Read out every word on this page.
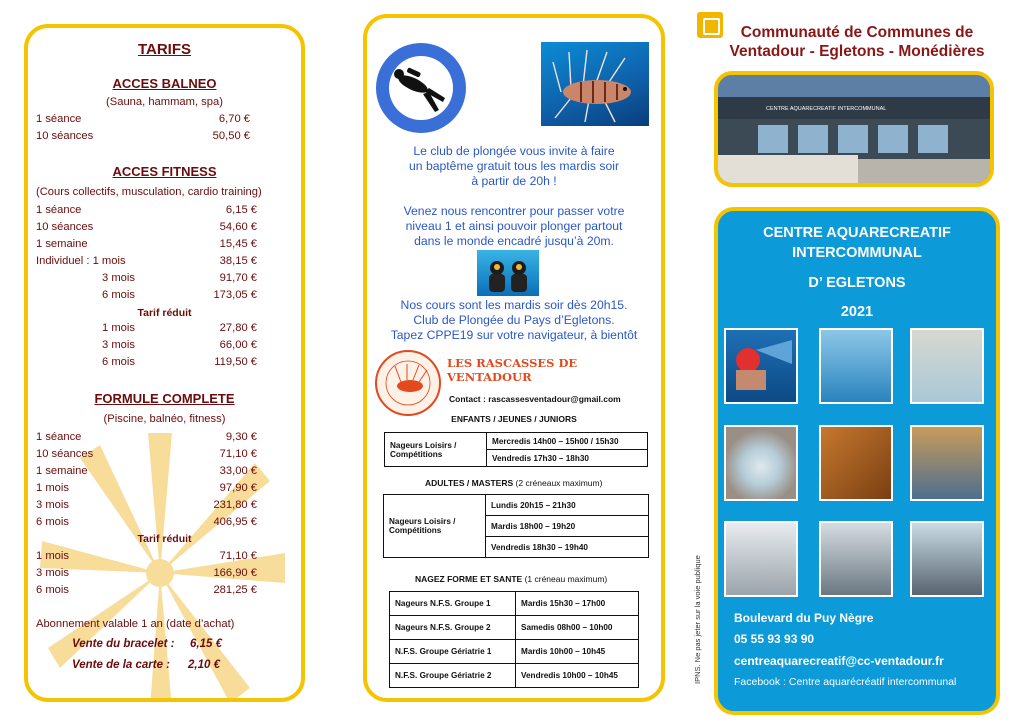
TARIFS
ACCES BALNEO
(Sauna, hammam, spa)
1 séance	6,70 €
10 séances	50,50 €
ACCES FITNESS
(Cours collectifs, musculation, cardio training)
1 séance	6,15 €
10 séances	54,60 €
1 semaine	15,45 €
Individuel : 1 mois	38,15 €
3 mois	91,70 €
6 mois	173,05 €
Tarif réduit
1 mois	27,80 €
3 mois	66,00 €
6 mois	119,50 €
FORMULE COMPLETE
(Piscine, balnéo, fitness)
1 séance	9,30 €
10 séances	71,10 €
1 semaine	33,00 €
1 mois	97,90 €
3 mois	231,80 €
6 mois	406,95 €
Tarif réduit
1 mois	71,10 €
3 mois	166,90 €
6 mois	281,25 €
Abonnement valable 1 an (date d’achat)
Vente du bracelet : 6,15 €
Vente de la carte : 2,10 €
Le club de plongée vous invite à faire
un baptême gratuit tous les mardis soir
à partir de 20h !
Venez nous rencontrer pour passer votre
niveau 1 et ainsi pouvoir plonger partout
dans le monde encadré jusqu’à 20m.
Nos cours sont les mardis soir dès 20h15.
Club de Plongée du Pays d’Egletons.
Tapez CPPE19 sur votre navigateur, à bientôt
LES RASCASSES DE VENTADOUR
Contact : rascassesventadour@gmail.com
ENFANTS / JEUNES / JUNIORS
Nageurs Loisirs / Compétitions	Mercredis 14h00 – 15h00 / 15h30
Vendredis 17h30 – 18h30
ADULTES / MASTERS (2 créneaux maximum)
Nageurs Loisirs / Compétitions	Lundis 20h15 – 21h30
Mardis 18h00 – 19h20
Vendredis 18h30 – 19h40
NAGEZ FORME ET SANTE (1 créneau maximum)
Nageurs N.F.S. Groupe 1	Mardis 15h30 – 17h00
Nageurs N.F.S. Groupe 2	Samedis 08h00 – 10h00
N.F.S. Groupe Gériatrie 1	Mardis 10h00 – 10h45
N.F.S. Groupe Gériatrie 2	Vendredis 10h00 – 10h45	IPNS. Ne pas jeter sur la voie publique
Communauté de Communes de
Ventadour - Egletons - Monédières
CENTRE AQUARECREATIF INTERCOMMUNAL
CENTRE AQUARECREATIF
INTERCOMMUNAL
D’ EGLETONS
2021
Boulevard du Puy Nègre
05 55 93 93 90
centreaquarecreatif@cc-ventadour.fr
Facebook : Centre aquarécréatif intercommunal
